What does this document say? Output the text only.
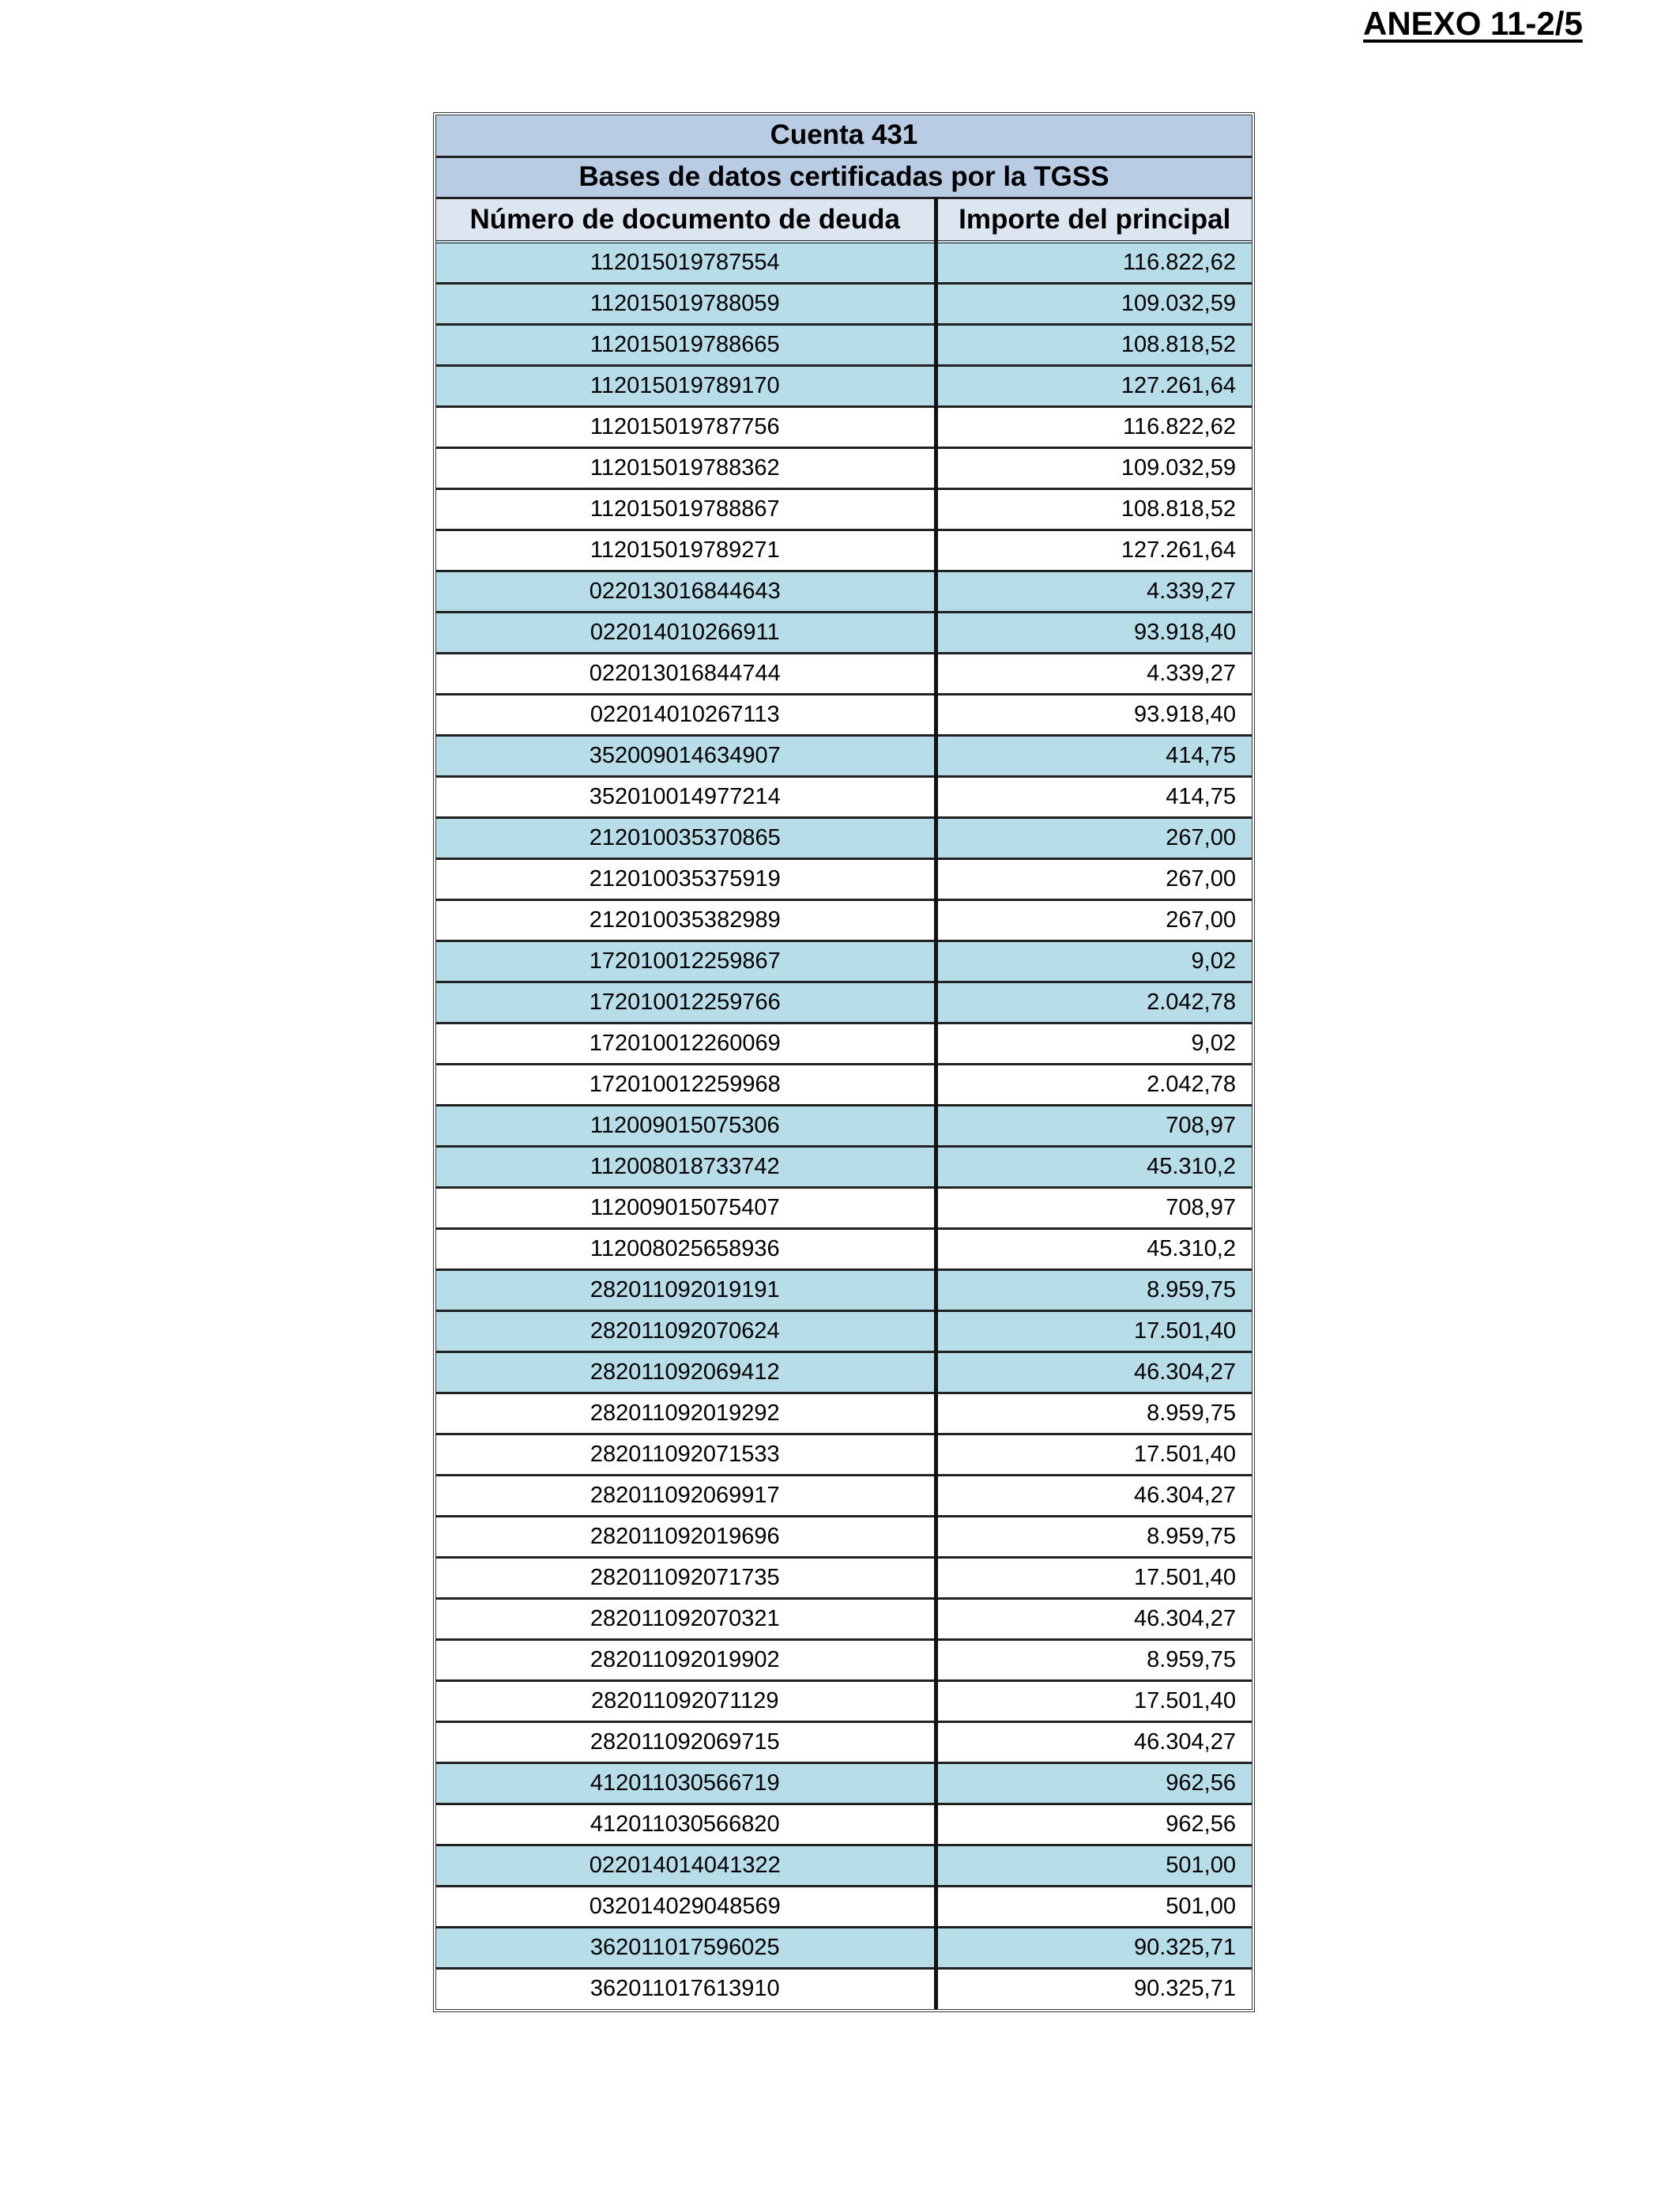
ANEXO 11-2/5
Cuenta 431	
Bases de datos certificadas por la TGSS	
Número de documento de deuda	Importe del principal
112015019787554	116.822,62
112015019788059	109.032,59
112015019788665	108.818,52
112015019789170	127.261,64
112015019787756	116.822,62
112015019788362	109.032,59
112015019788867	108.818,52
112015019789271	127.261,64
022013016844643	4.339,27
022014010266911	93.918,40
022013016844744	4.339,27
022014010267113	93.918,40
352009014634907	414,75
352010014977214	414,75
212010035370865	267,00
212010035375919	267,00
212010035382989	267,00
172010012259867	9,02
172010012259766	2.042,78
172010012260069	9,02
172010012259968	2.042,78
112009015075306	708,97
112008018733742	45.310,2
112009015075407	708,97
112008025658936	45.310,2
282011092019191	8.959,75
282011092070624	17.501,40
282011092069412	46.304,27
282011092019292	8.959,75
282011092071533	17.501,40
282011092069917	46.304,27
282011092019696	8.959,75
282011092071735	17.501,40
282011092070321	46.304,27
282011092019902	8.959,75
282011092071129	17.501,40
282011092069715	46.304,27
412011030566719	962,56
412011030566820	962,56
022014014041322	501,00
032014029048569	501,00
362011017596025	90.325,71
362011017613910	90.325,71
